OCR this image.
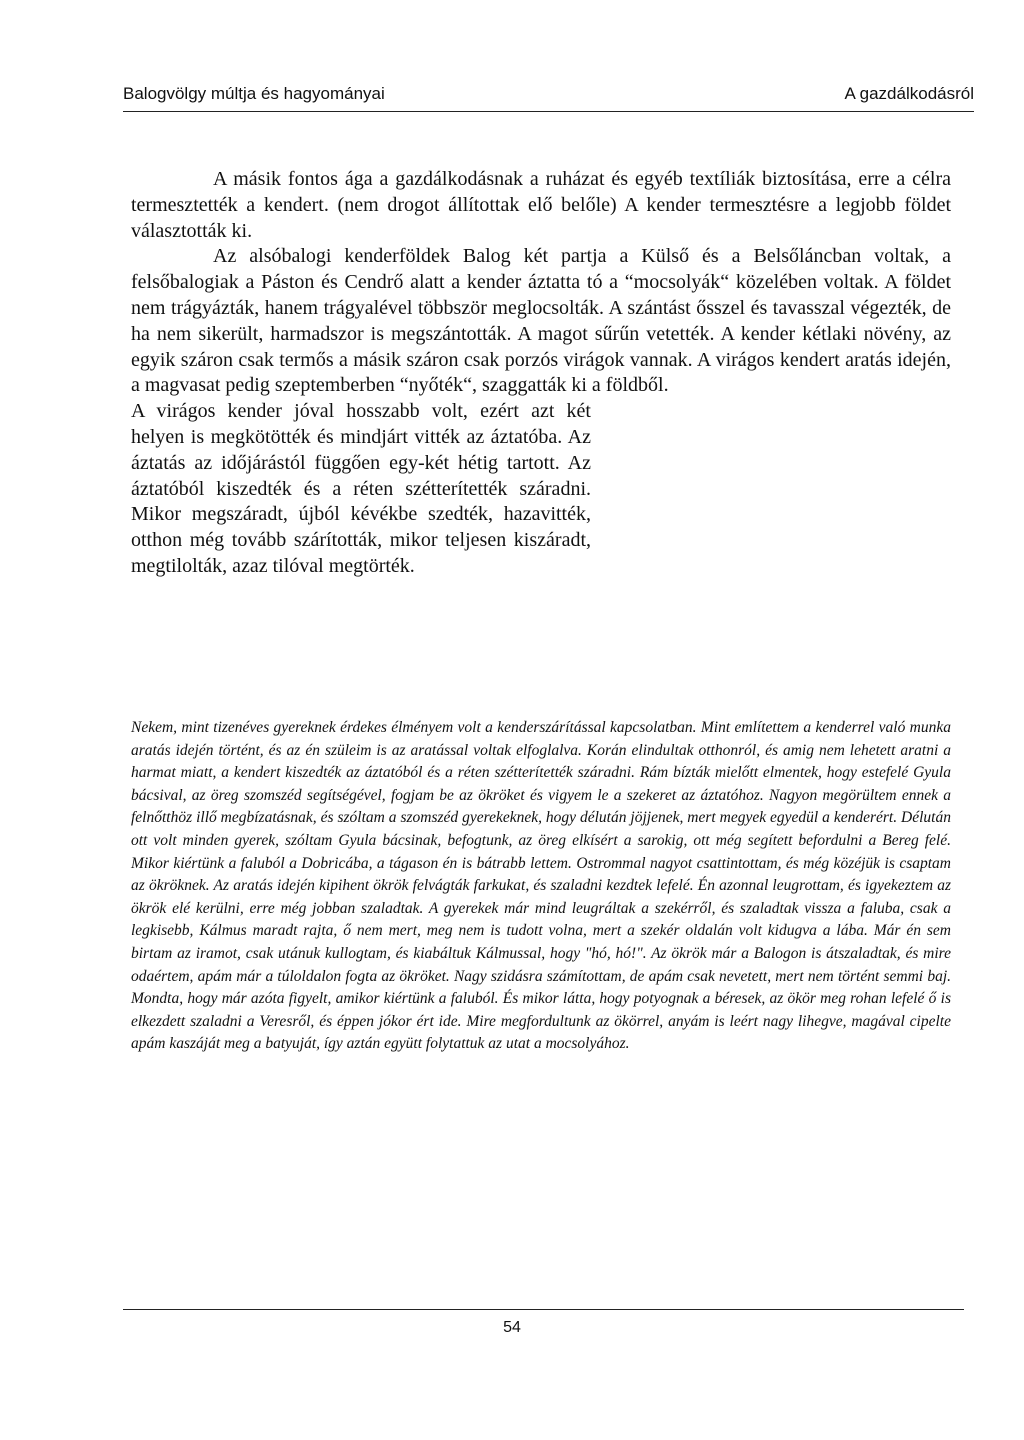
Balogvölgy múltja és hagyományai	A gazdálkodásról

A másik fontos ága a gazdálkodásnak a ruházat és egyéb textíliák biztosítása, erre a célra termesztették a kendert. (nem drogot állítottak elő belőle) A kender termesztésre a legjobb földet választották ki.

Az alsóbalogi kenderföldek Balog két partja a Külső és a Belsőláncban voltak, a felsőbalogiak a Páston és Cendrő alatt a kender áztatta tó a “mocsolyák“ közelében voltak. A földet nem trágyázták, hanem trágyalével többször meglocsolták. A szántást ősszel és tavasszal végezték, de ha nem sikerült, harmadszor is megszántották. A magot sűrűn vetették. A kender kétlaki növény, az egyik száron csak termős a másik száron csak porzós virágok vannak. A virágos kendert aratás idején, a magvasat pedig szeptemberben “nyőték“, szaggatták ki a földből.

A virágos kender jóval hosszabb volt, ezért azt két helyen is megkötötték és mindjárt vitték az áztatóba. Az áztatás az időjárástól függően egy-két hétig tartott. Az áztatóból kiszedték és a réten szétterítették száradni. Mikor megszáradt, újból kévékbe szedték, hazavitték, otthon még tovább szárították, mikor teljesen kiszáradt, megtilolták, azaz tilóval megtörték.

Nekem, mint tizenéves gyereknek érdekes élményem volt a kenderszárítással kapcsolatban. Mint említettem a kenderrel való munka aratás idején történt, és az én szüleim is az aratással voltak elfoglalva. Korán elindultak otthonról, és amig nem lehetett aratni a harmat miatt, a kendert kiszedték az áztatóból és a réten szétterítették száradni. Rám bízták mielőtt elmentek, hogy estefelé Gyula bácsival, az öreg szomszéd segítségével, fogjam be az ökröket és vigyem le a szekeret az áztatóhoz. Nagyon megörültem ennek a felnőtthöz illő megbízatásnak, és szóltam a szomszéd gyerekeknek, hogy délután jöjjenek, mert megyek egyedül a kenderért. Délután ott volt minden gyerek, szóltam Gyula bácsinak, befogtunk, az öreg elkísért a sarokig, ott még segített befordulni a Bereg felé. Mikor kiértünk a faluból a Dobricába, a tágason én is bátrabb lettem. Ostrommal nagyot csattintottam, és még közéjük is csaptam az ökröknek. Az aratás idején kipihent ökrök felvágták farkukat, és szaladni kezdtek lefelé. Én azonnal leugrottam, és igyekeztem az ökrök elé kerülni, erre még jobban szaladtak. A gyerekek már mind leugráltak a szekérről, és szaladtak vissza a faluba, csak a legkisebb, Kálmus maradt rajta, ő nem mert, meg nem is tudott volna, mert a szekér oldalán volt kidugva a lába. Már én sem birtam az iramot, csak utánuk kullogtam, és kiabáltuk Kálmussal, hogy "hó, hó!". Az ökrök már a Balogon is átszaladtak, és mire odaértem, apám már a túloldalon fogta az ökröket. Nagy szidásra számítottam, de apám csak nevetett, mert nem történt semmi baj. Mondta, hogy már azóta figyelt, amikor kiértünk a faluból. És mikor látta, hogy potyognak a béresek, az ökör meg rohan lefelé ő is elkezdett szaladni a Veresről, és éppen jókor ért ide. Mire megfordultunk az ökörrel, anyám is leért nagy lihegve, magával cipelte apám kaszáját meg a batyuját, így aztán együtt folytattuk az utat a mocsolyához.

54
